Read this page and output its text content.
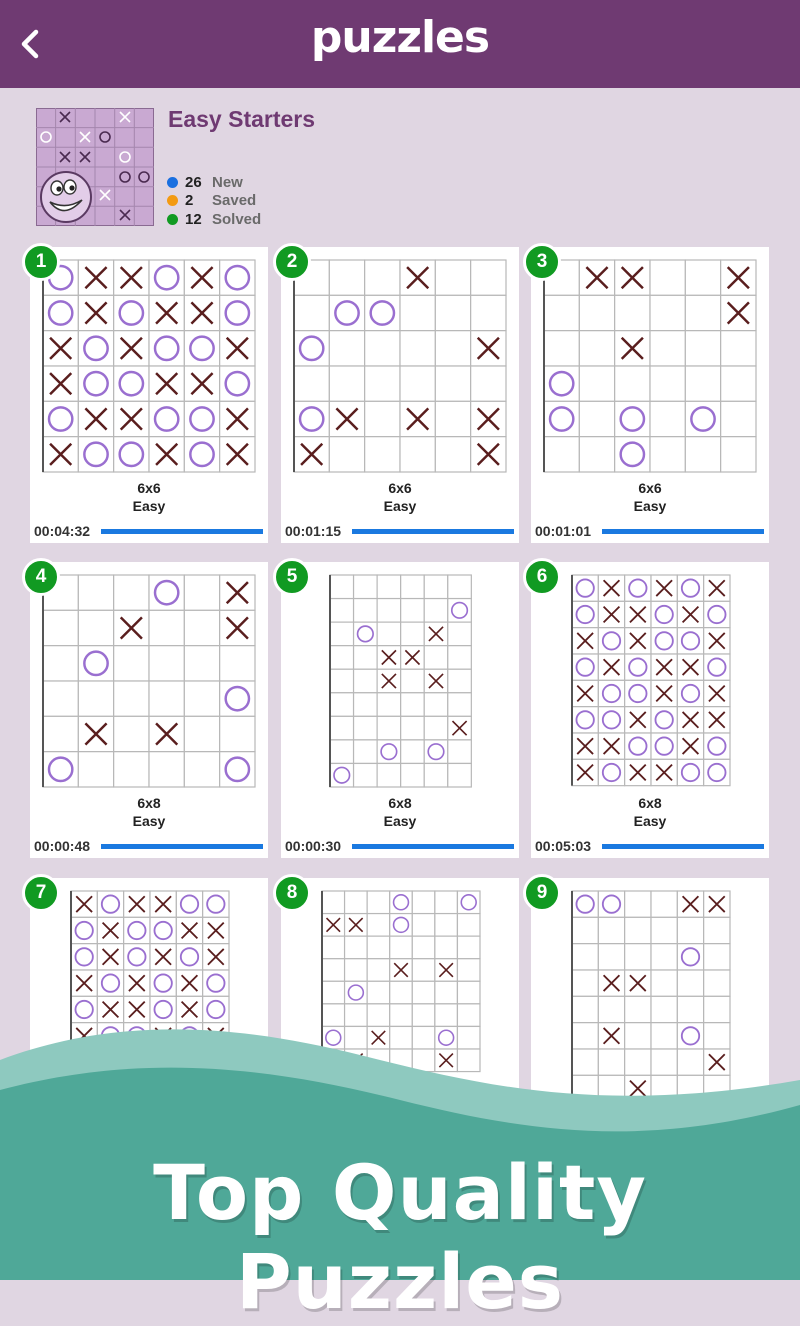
puzzles
Easy Starters
26 New
2 Saved
12 Solved
1
6x6
Easy
00:04:32
2
6x6
Easy
00:01:15
3
6x6
Easy
00:01:01
4
6x8
Easy
00:00:48
5
6x8
Easy
00:00:30
6
6x8
Easy
00:05:03
7	8	9
Top Quality Puzzles
